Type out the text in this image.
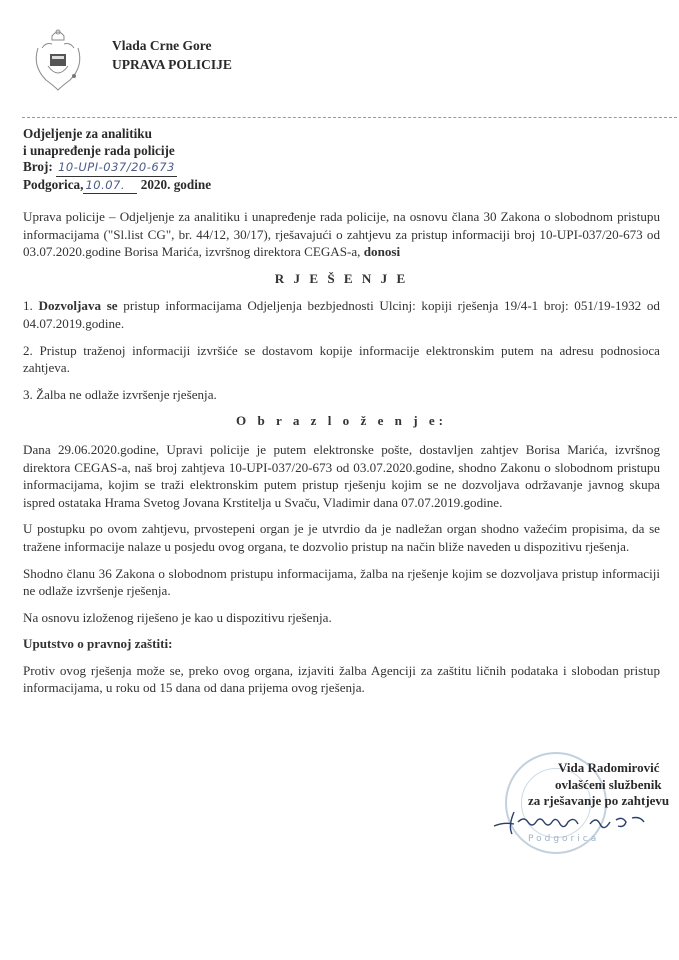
Vlada Crne Gore
UPRAVA POLICIJE
Odjeljenje za analitiku
i unapređenje rada policije
Broj: 10-UPI-037/20-673
Podgorica, 10.07. 2020. godine

Uprava policije – Odjeljenje za analitiku i unapređenje rada policije, na osnovu člana 30 Zakona o slobodnom pristupu informacijama ("Sl.list CG", br. 44/12, 30/17), rješavajući o zahtjevu za pristup informaciji broj 10-UPI-037/20-673 od 03.07.2020.godine Borisa Marića, izvršnog direktora CEGAS-a, donosi

R J E Š E N J E

1. Dozvoljava se pristup informacijama Odjeljenja bezbjednosti Ulcinj: kopiji rješenja 19/4-1 broj: 051/19-1932 od 04.07.2019.godine.

2. Pristup traženoj informaciji izvršiće se dostavom kopije informacije elektronskim putem na adresu podnosioca zahtjeva.

3. Žalba ne odlaže izvršenje rješenja.

O b r a z l o ž e n j e:

Dana 29.06.2020.godine, Upravi policije je putem elektronske pošte, dostavljen zahtjev Borisa Marića, izvršnog direktora CEGAS-a, naš broj zahtjeva 10-UPI-037/20-673 od 03.07.2020.godine, shodno Zakonu o slobodnom pristupu informacijama, kojim se traži elektronskim putem pristup rješenju kojim se ne dozvoljava održavanje javnog skupa ispred ostataka Hrama Svetog Jovana Krstitelja u Svaču, Vladimir dana 07.07.2019.godine.

U postupku po ovom zahtjevu, prvostepeni organ je je utvrdio da je nadležan organ shodno važećim propisima, da se tražene informacije nalaze u posjedu ovog organa, te dozvolio pristup na način bliže naveden u dispozitivu rješenja.

Shodno članu 36 Zakona o slobodnom pristupu informacijama, žalba na rješenje kojim se dozvoljava pristup informaciji ne odlaže izvršenje rješenja.

Na osnovu izloženog riješeno je kao u dispozitivu rješenja.

Uputstvo o pravnoj zaštiti:

Protiv ovog rješenja može se, preko ovog organa, izjaviti žalba Agenciji za zaštitu ličnih podataka i slobodan pristup informacijama, u roku od 15 dana od dana prijema ovog rješenja.

Podgorica
Vida Radomirović
ovlašćeni službenik
za rješavanje po zahtjevu
